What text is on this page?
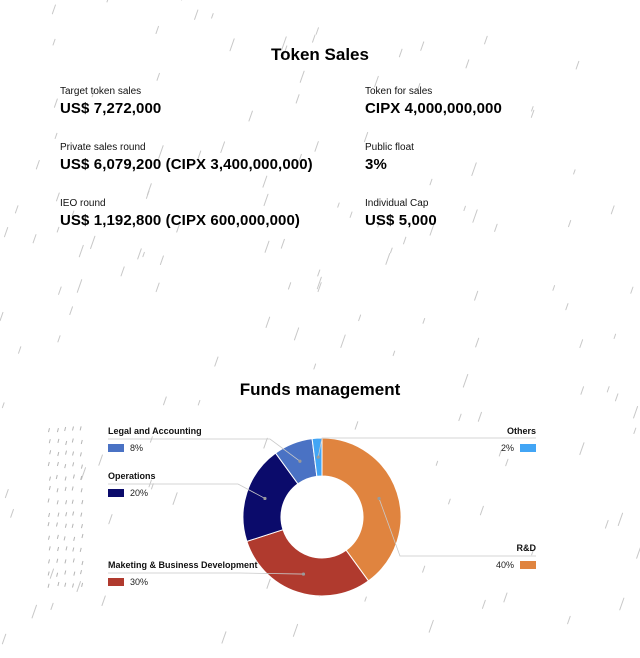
Token Sales
Target token sales
US$ 7,272,000
Token for sales
CIPX 4,000,000,000
Private sales round
US$ 6,079,200 (CIPX 3,400,000,000)
Public float
3%
IEO round
US$ 1,192,800 (CIPX 600,000,000)
Individual Cap
US$ 5,000
Funds management
Legal and Accounting
8%
Operations
20%
Maketing & Business Development
30%
Others
2%
R&D
40%
